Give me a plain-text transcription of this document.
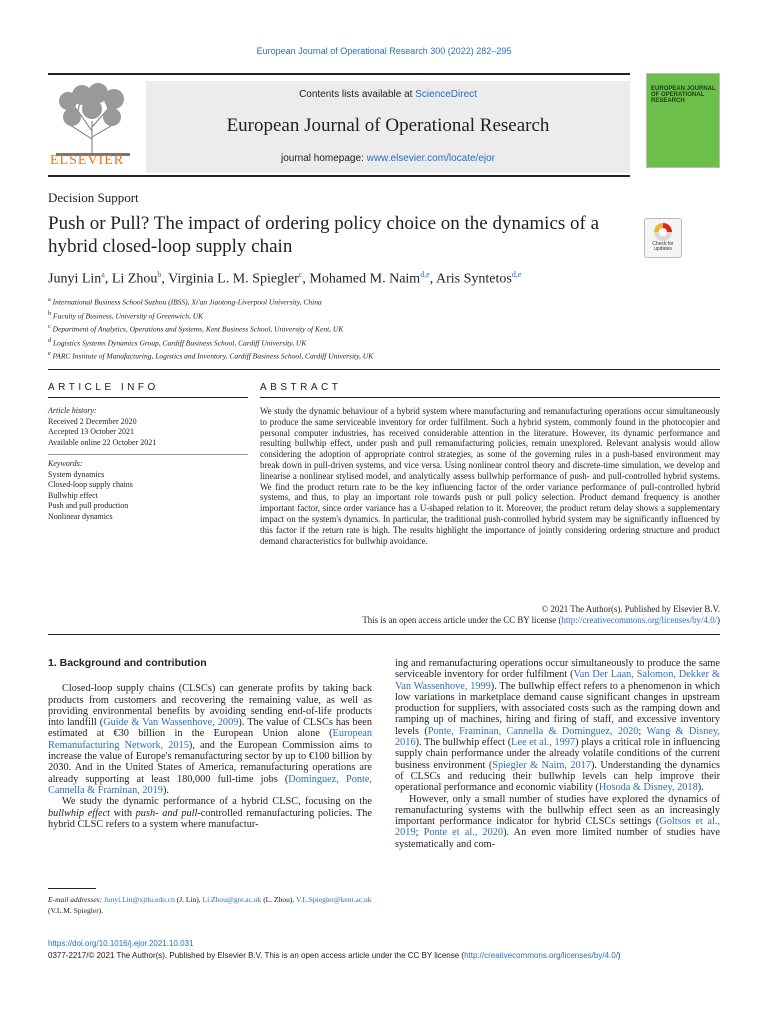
European Journal of Operational Research 300 (2022) 282–295
ELSEVIER
Contents lists available at ScienceDirect
European Journal of Operational Research
journal homepage: www.elsevier.com/locate/ejor
EUROPEAN JOURNAL OF OPERATIONAL RESEARCH
Decision Support
Push or Pull? The impact of ordering policy choice on the dynamics of a hybrid closed-loop supply chain	Check for updates
Junyi Lin$^a$, Li Zhou$^b$, Virginia L. M. Spiegler$^c$, Mohamed M. Naim$^{d,e}$, Aris Syntetos$^{d,e}$
$^a$ International Business School Suzhou (IBSS), Xi'an Jiaotong-Liverpool University, China
$^b$ Faculty of Business, University of Greenwich, UK
$^c$ Department of Analytics, Operations and Systems, Kent Business School, University of Kent, UK
$^d$ Logistics Systems Dynamics Group, Cardiff Business School, Cardiff University, UK
$^e$ PARC Institute of Manufacturing, Logistics and Inventory, Cardiff Business School, Cardiff University, UK
ARTICLE INFO	ABSTRACT
Article history:
Received 2 December 2020
Accepted 13 October 2021
Available online 22 October 2021
Keywords:
System dynamics
Closed-loop supply chains
Bullwhip effect
Push and pull production
Nonlinear dynamics
We study the dynamic behaviour of a hybrid system where manufacturing and remanufacturing operations occur simultaneously to produce the same serviceable inventory for order fulfilment. Such a hybrid system, commonly found in the photocopier and personal computer industries, has received considerable attention in the literature. However, its dynamic performance and resulting bullwhip effect, under push and pull remanufacturing policies, remain unexplored. Relevant analysis would allow considering the adoption of appropriate control strategies, as some of the governing rules in a push-based environment may break down in pull-driven systems, and vice versa. Using nonlinear control theory and discrete-time simulation, we develop and linearise a nonlinear stylised model, and analytically assess bullwhip performance of push- and pull-controlled hybrid systems. We find the product return rate to be the key influencing factor of the order variance performance of pull-controlled hybrid systems, and thus, to play an important role towards push or pull policy selection. Product demand frequency is another important factor, since order variance has a U-shaped relation to it. Moreover, the product return delay shows a supplementary impact on the system's dynamics. In particular, the traditional push-controlled hybrid system may be significantly influenced by this factor if the return rate is high. The results highlight the importance of jointly considering ordering structure and product demand characteristics for bullwhip avoidance.
© 2021 The Author(s). Published by Elsevier B.V.
This is an open access article under the CC BY license (http://creativecommons.org/licenses/by/4.0/)
1. Background and contribution

Closed-loop supply chains (CLSCs) can generate profits by taking back products from customers and recovering the remaining value, as well as providing environmental benefits by avoiding sending end-of-life products into landfill (Guide & Van Wassenhove, 2009). The value of CLSCs has been estimated at €30 billion in the European Union alone (European Remanufacturing Network, 2015), and the European Commission aims to increase the value of Europe's remanufacturing sector by up to €100 billion by 2030. And in the United States of America, remanufacturing operations are already supporting at least 180,000 full-time jobs (Dominguez, Ponte, Cannella & Framinan, 2019).

We study the dynamic performance of a hybrid CLSC, focusing on the bullwhip effect with push- and pull-controlled remanufacturing policies. The hybrid CLSC refers to a system where manufactur-

ing and remanufacturing operations occur simultaneously to produce the same serviceable inventory for order fulfilment (Van Der Laan, Salomon, Dekker & Van Wassenhove, 1999). The bullwhip effect refers to a phenomenon in which low variations in marketplace demand cause significant changes in upstream production for suppliers, with associated costs such as the ramping down and ramping up of machines, hiring and firing of staff, and excessive inventory levels (Ponte, Framinan, Cannella & Dominguez, 2020; Wang & Disney, 2016). The bullwhip effect (Lee et al., 1997) plays a critical role in influencing supply chain performance under the already volatile conditions of the current business environment (Spiegler & Naim, 2017). Understanding the dynamics of CLSCs and reducing their bullwhip levels can help improve their operational performance and economic viability (Hosoda & Disney, 2018).

However, only a small number of studies have explored the dynamics of remanufacturing systems with the bullwhip effect seen as an increasingly important performance indicator for hybrid CLSCs settings (Goltsos et al., 2019; Ponte et al., 2020). An even more limited number of studies have systematically and com-

E-mail addresses: Junyi.Lin@xjtlu.edu.cn (J. Lin), Li.Zhou@gre.ac.uk (L. Zhou), V.L.Spiegler@kent.ac.uk (V.L.M. Spiegler).
https://doi.org/10.1016/j.ejor.2021.10.031
0377-2217/© 2021 The Author(s). Published by Elsevier B.V. This is an open access article under the CC BY license (http://creativecommons.org/licenses/by/4.0/)
